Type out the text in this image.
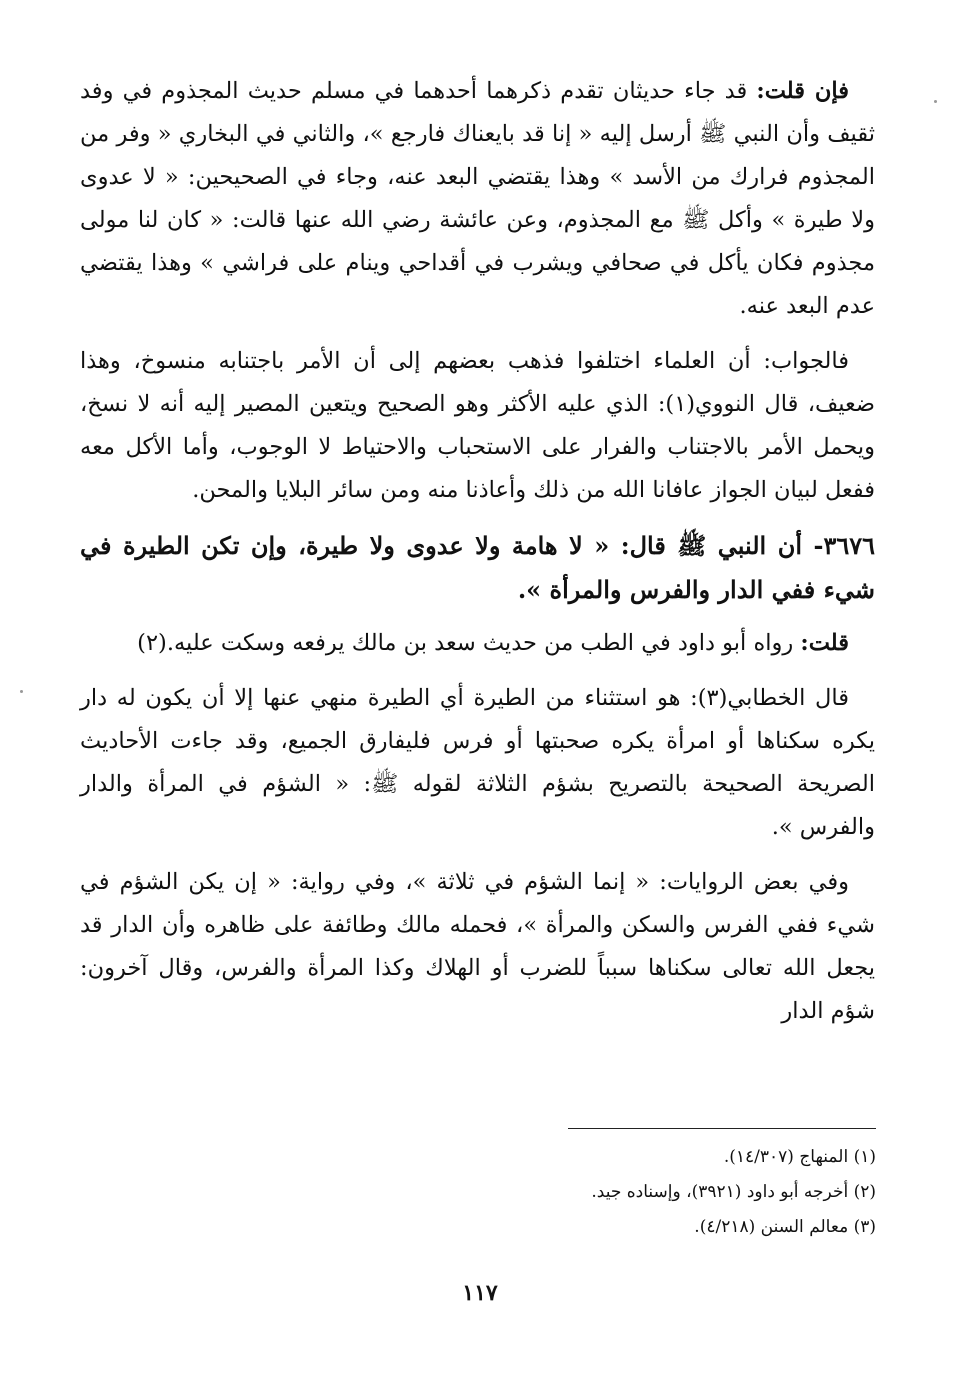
فإن قلت: قد جاء حديثان تقدم ذكرهما أحدهما في مسلم حديث المجذوم في وفد ثقيف وأن النبي ﷺ أرسل إليه « إنا قد بايعناك فارجع »، والثاني في البخاري « وفر من المجذوم فرارك من الأسد » وهذا يقتضي البعد عنه، وجاء في الصحيحين: « لا عدوى ولا طيرة » وأكل ﷺ مع المجذوم، وعن عائشة رضي الله عنها قالت: « كان لنا مولى مجذوم فكان يأكل في صحافي ويشرب في أقداحي وينام على فراشي » وهذا يقتضي عدم البعد عنه.

فالجواب: أن العلماء اختلفوا فذهب بعضهم إلى أن الأمر باجتنابه منسوخ، وهذا ضعيف، قال النووي(١): الذي عليه الأكثر وهو الصحيح ويتعين المصير إليه أنه لا نسخ، ويحمل الأمر بالاجتناب والفرار على الاستحباب والاحتياط لا الوجوب، وأما الأكل معه ففعل لبيان الجواز عافانا الله من ذلك وأعاذنا منه ومن سائر البلايا والمحن.

٣٦٧٦- أن النبي ﷺ قال: « لا هامة ولا عدوى ولا طيرة، وإن تكن الطيرة في شيء ففي الدار والفرس والمرأة ».

قلت: رواه أبو داود في الطب من حديث سعد بن مالك يرفعه وسكت عليه.(٢)

قال الخطابي(٣): هو استثناء من الطيرة أي الطيرة منهي عنها إلا أن يكون له دار يكره سكناها أو امرأة يكره صحبتها أو فرس فليفارق الجميع، وقد جاءت الأحاديث الصريحة الصحيحة بالتصريح بشؤم الثلاثة لقوله ﷺ: « الشؤم في المرأة والدار والفرس ».

وفي بعض الروايات: « إنما الشؤم في ثلاثة »، وفي رواية: « إن يكن الشؤم في شيء ففي الفرس والسكن والمرأة »، فحمله مالك وطائفة على ظاهره وأن الدار قد يجعل الله تعالى سكناها سبباً للضرب أو الهلاك وكذا المرأة والفرس، وقال آخرون: شؤم الدار

(١) المنهاج (١٤/٣٠٧).
(٢) أخرجه أبو داود (٣٩٢١)، وإسناده جيد.
(٣) معالم السنن (٤/٢١٨).
١١٧
